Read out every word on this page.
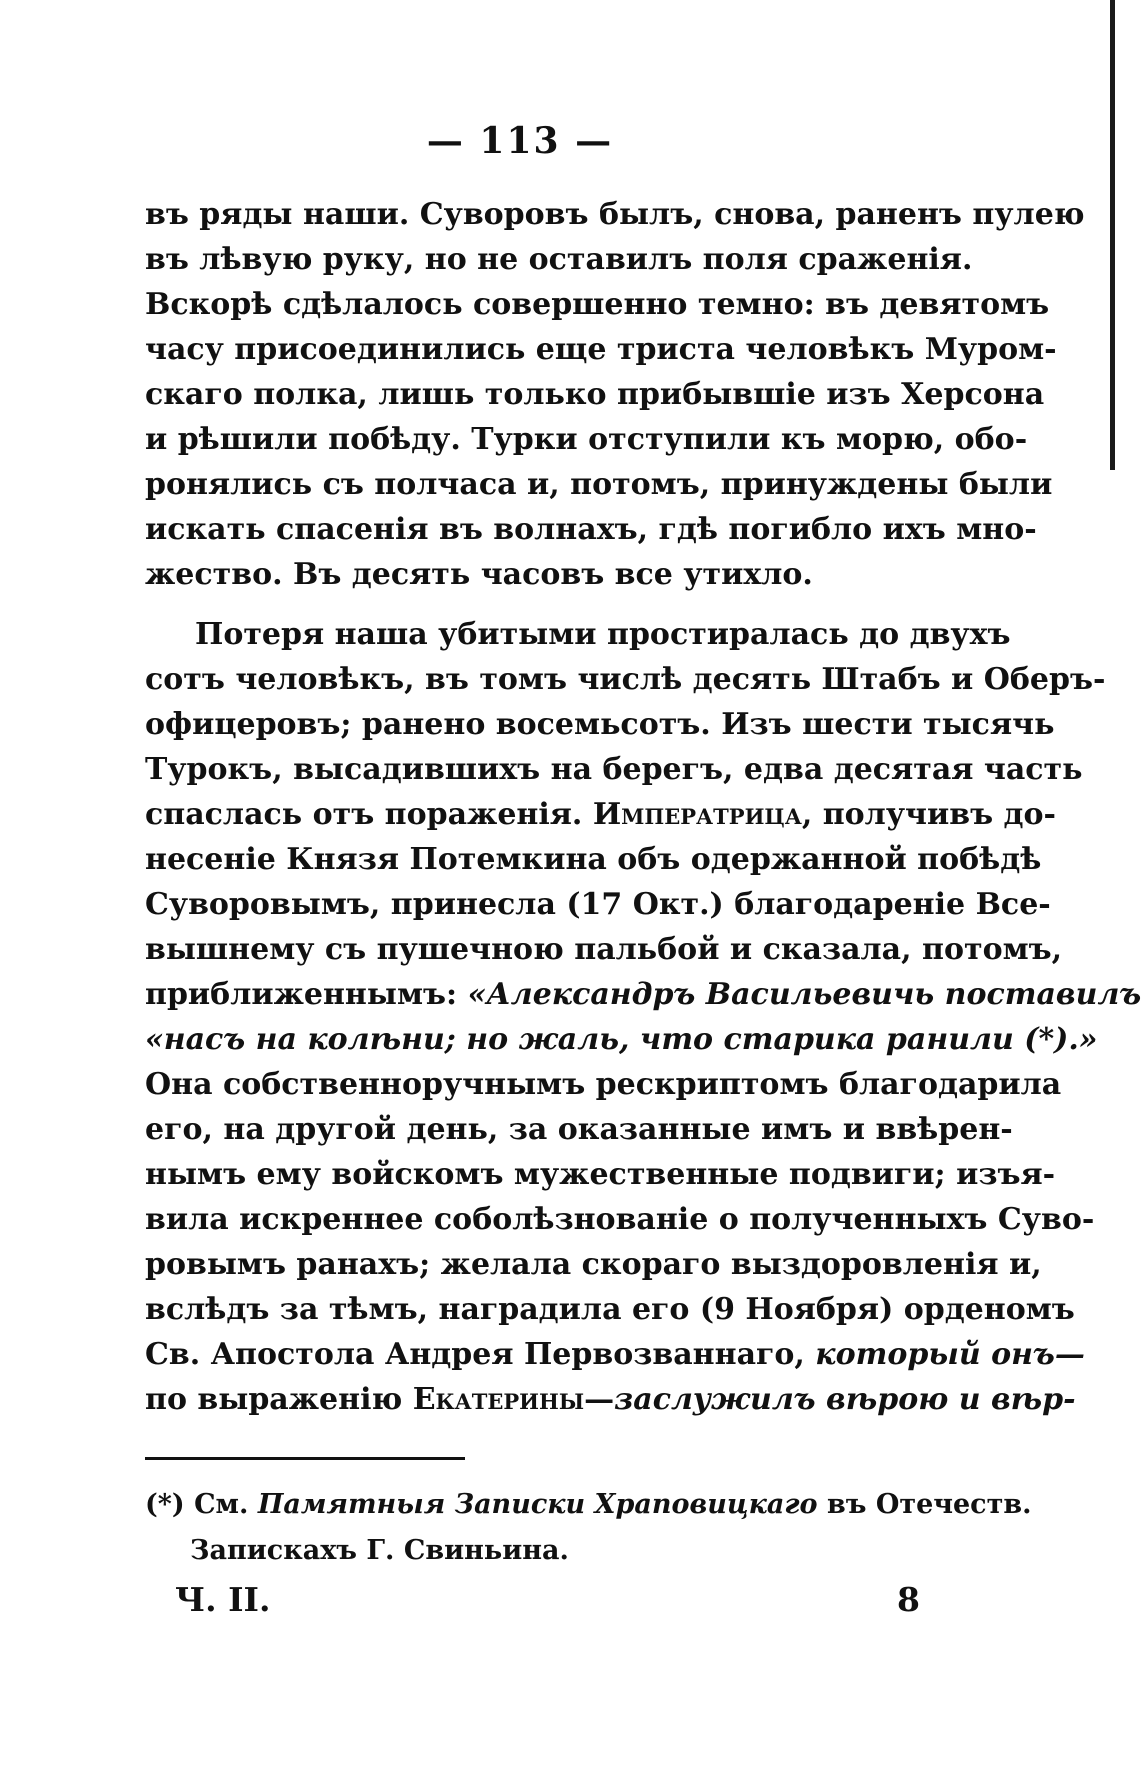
— 113 —
въ ряды наши. Суворовъ былъ, снова, раненъ пулею
въ лѣвую руку, но не оставилъ поля сраженія.
Вскорѣ сдѣлалось совершенно темно: въ девятомъ
часу присоединились еще триста человѣкъ Муром-
скаго полка, лишь только прибывшіе изъ Херсона
и рѣшили побѣду. Турки отступили къ морю, обо-
ронялись съ полчаса и, потомъ, принуждены были
искать спасенія въ волнахъ, гдѣ погибло ихъ мно-
жество. Въ десять часовъ все утихло.
Потеря наша убитыми простиралась до двухъ
сотъ человѣкъ, въ томъ числѣ десять Штабъ и Оберъ-
офицеровъ; ранено восемьсотъ. Изъ шести тысячь
Турокъ, высадившихъ на берегъ, едва десятая часть
спаслась отъ пораженія. Императрица, получивъ до-
несеніе Князя Потемкина объ одержанной побѣдѣ
Суворовымъ, принесла (17 Окт.) благодареніе Все-
вышнему съ пушечною пальбой и сказала, потомъ,
приближеннымъ: «Александръ Васильевичь поставилъ
«насъ на колѣни; но жаль, что старика ранили (*).»
Она собственноручнымъ рескриптомъ благодарила
его, на другой день, за оказанные имъ и ввѣрен-
нымъ ему войскомъ мужественные подвиги; изъя-
вила искреннее соболѣзнованіе о полученныхъ Суво-
ровымъ ранахъ; желала скораго выздоровленія и,
вслѣдъ за тѣмъ, наградила его (9 Ноября) орденомъ
Св. Апостола Андрея Первозваннаго, который онъ—
по выраженію Екатерины—заслужилъ вѣрою и вѣр-
(*) См. Памятныя Записки Храповицкаго въ Отечеств.
Запискахъ Г. Свиньина.
Ч. II.	8
